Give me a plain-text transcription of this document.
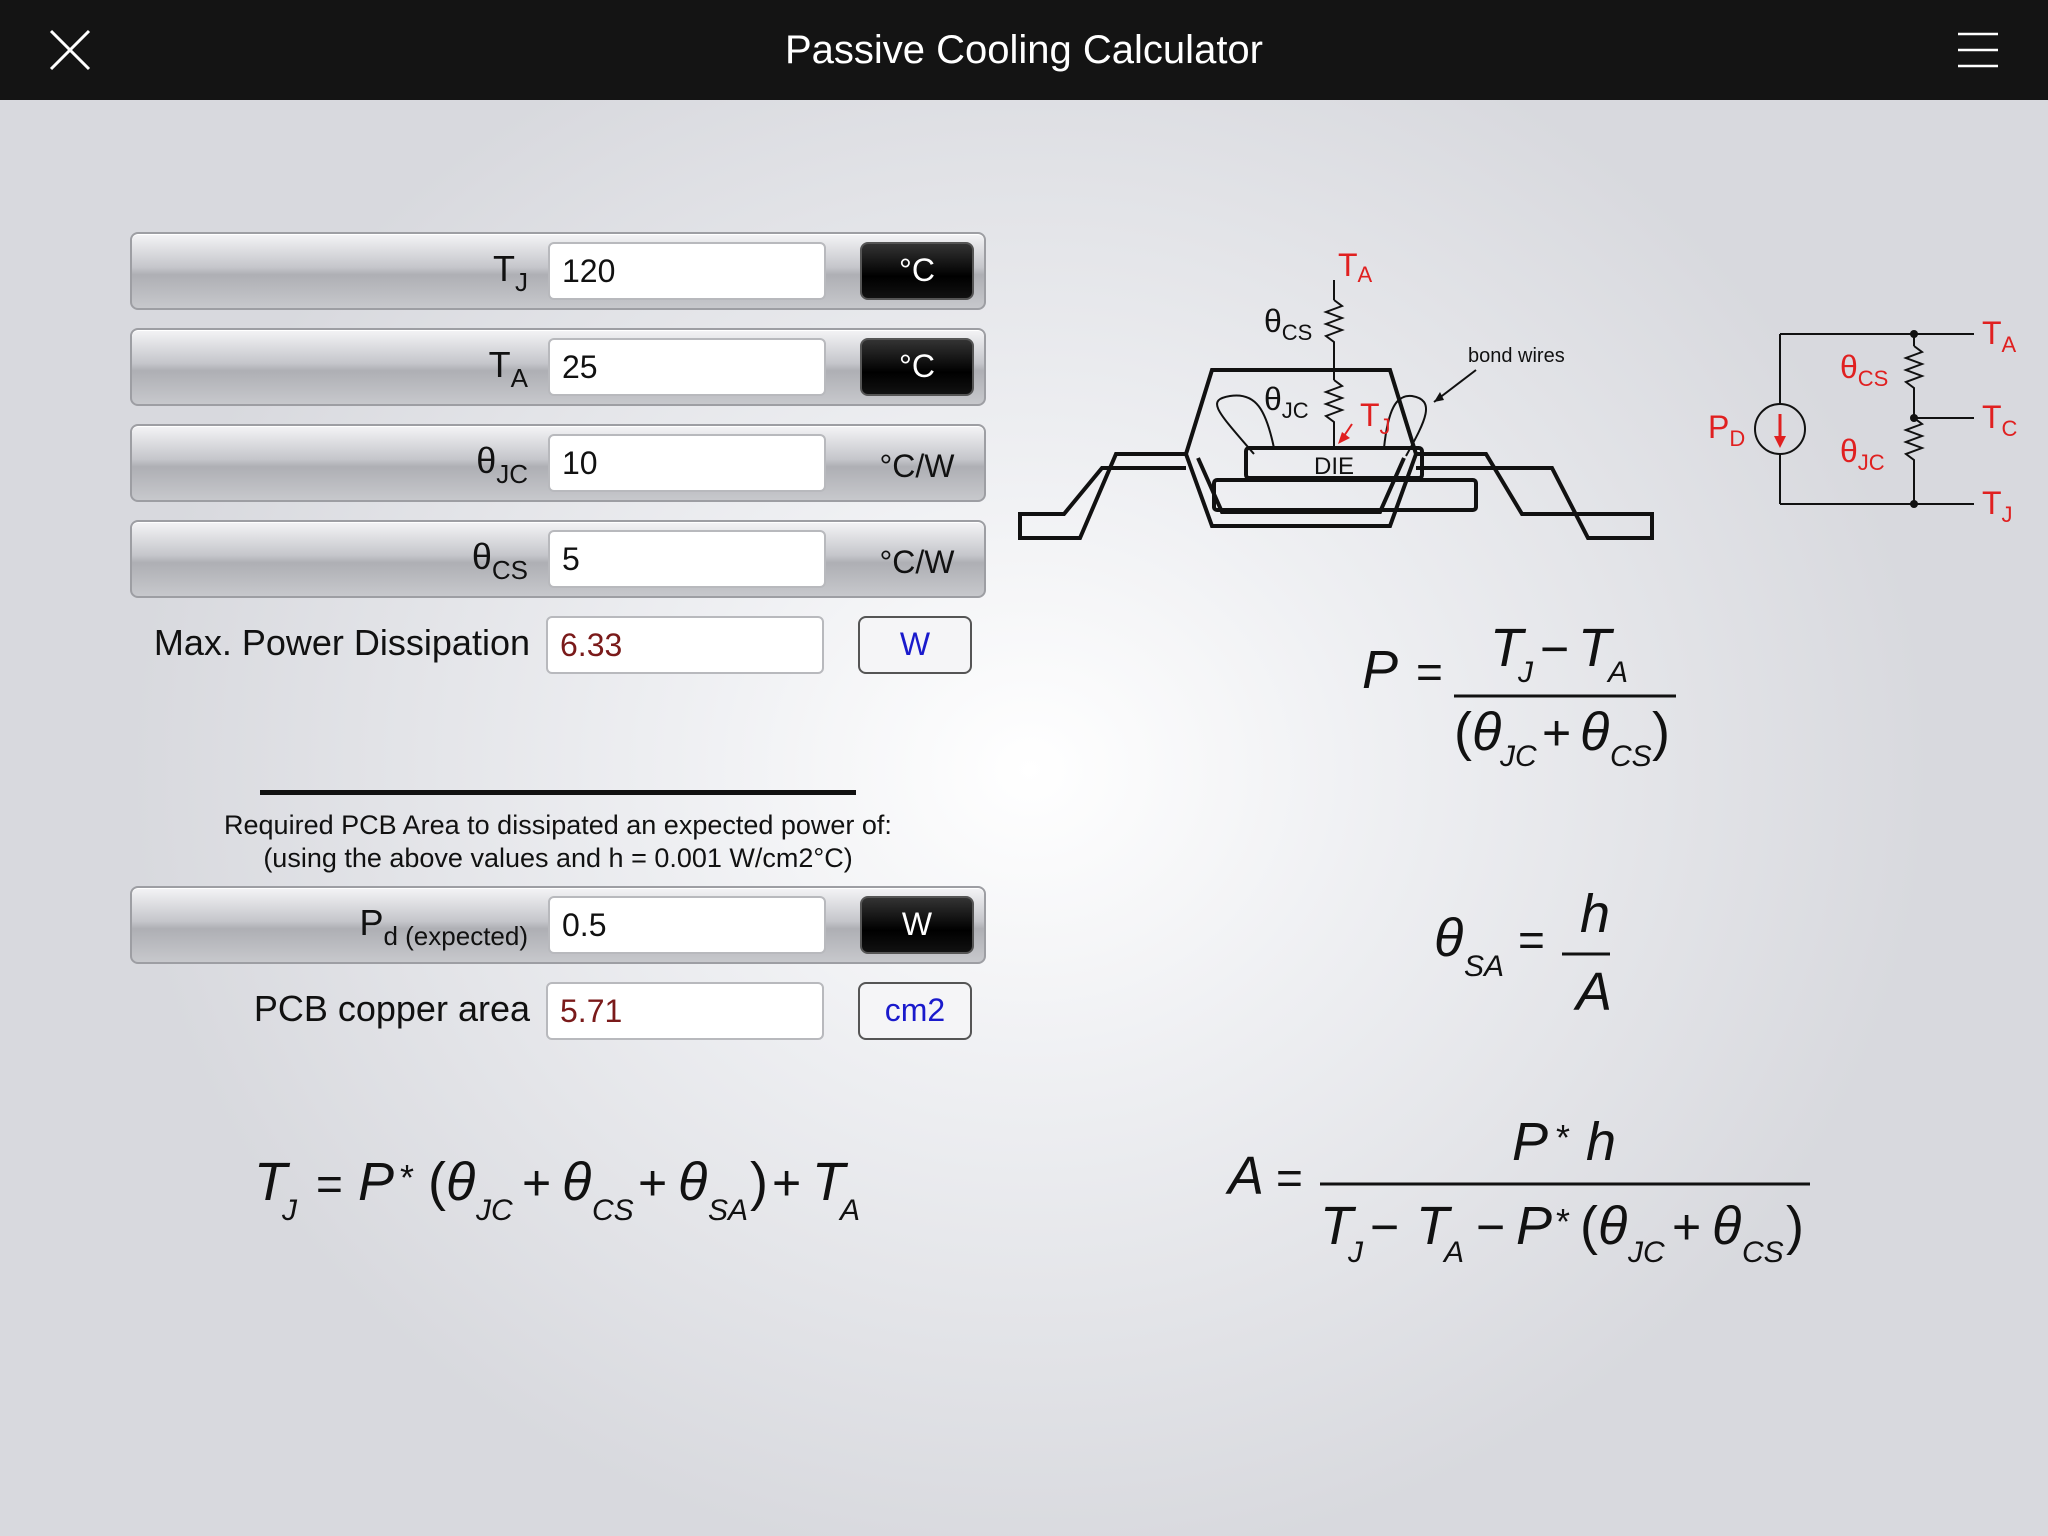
Passive Cooling Calculator
$T_J$
120	°C
$T_A$
25	°C
$\theta_{JC}$
10	°C/W
$\theta_{CS}$
5	°C/W
Max. Power Dissipation
6.33	W
Required PCB Area to dissipated an expected power of:
(using the above values and h = 0.001 W/cm2°C)
$P_{d (expected)}$
0.5	W
PCB copper area
5.71	cm2
TA
$\theta_{CS}$
$\theta_{JC}$ $T_J$
bond wires
DIE
$P_D$
$\theta_{CS}$
$\theta_{JC}$
$T_A$
$T_C$
$T_J$
P = T
J − T
A
( θ
JC + θ CS )
θ SA
= h
A
T
J
= P * ( θ JC + θ CS + θ SA ) + T
A
A =
P * h
T
J − T
A − P * ( θ JC + θ CS )
